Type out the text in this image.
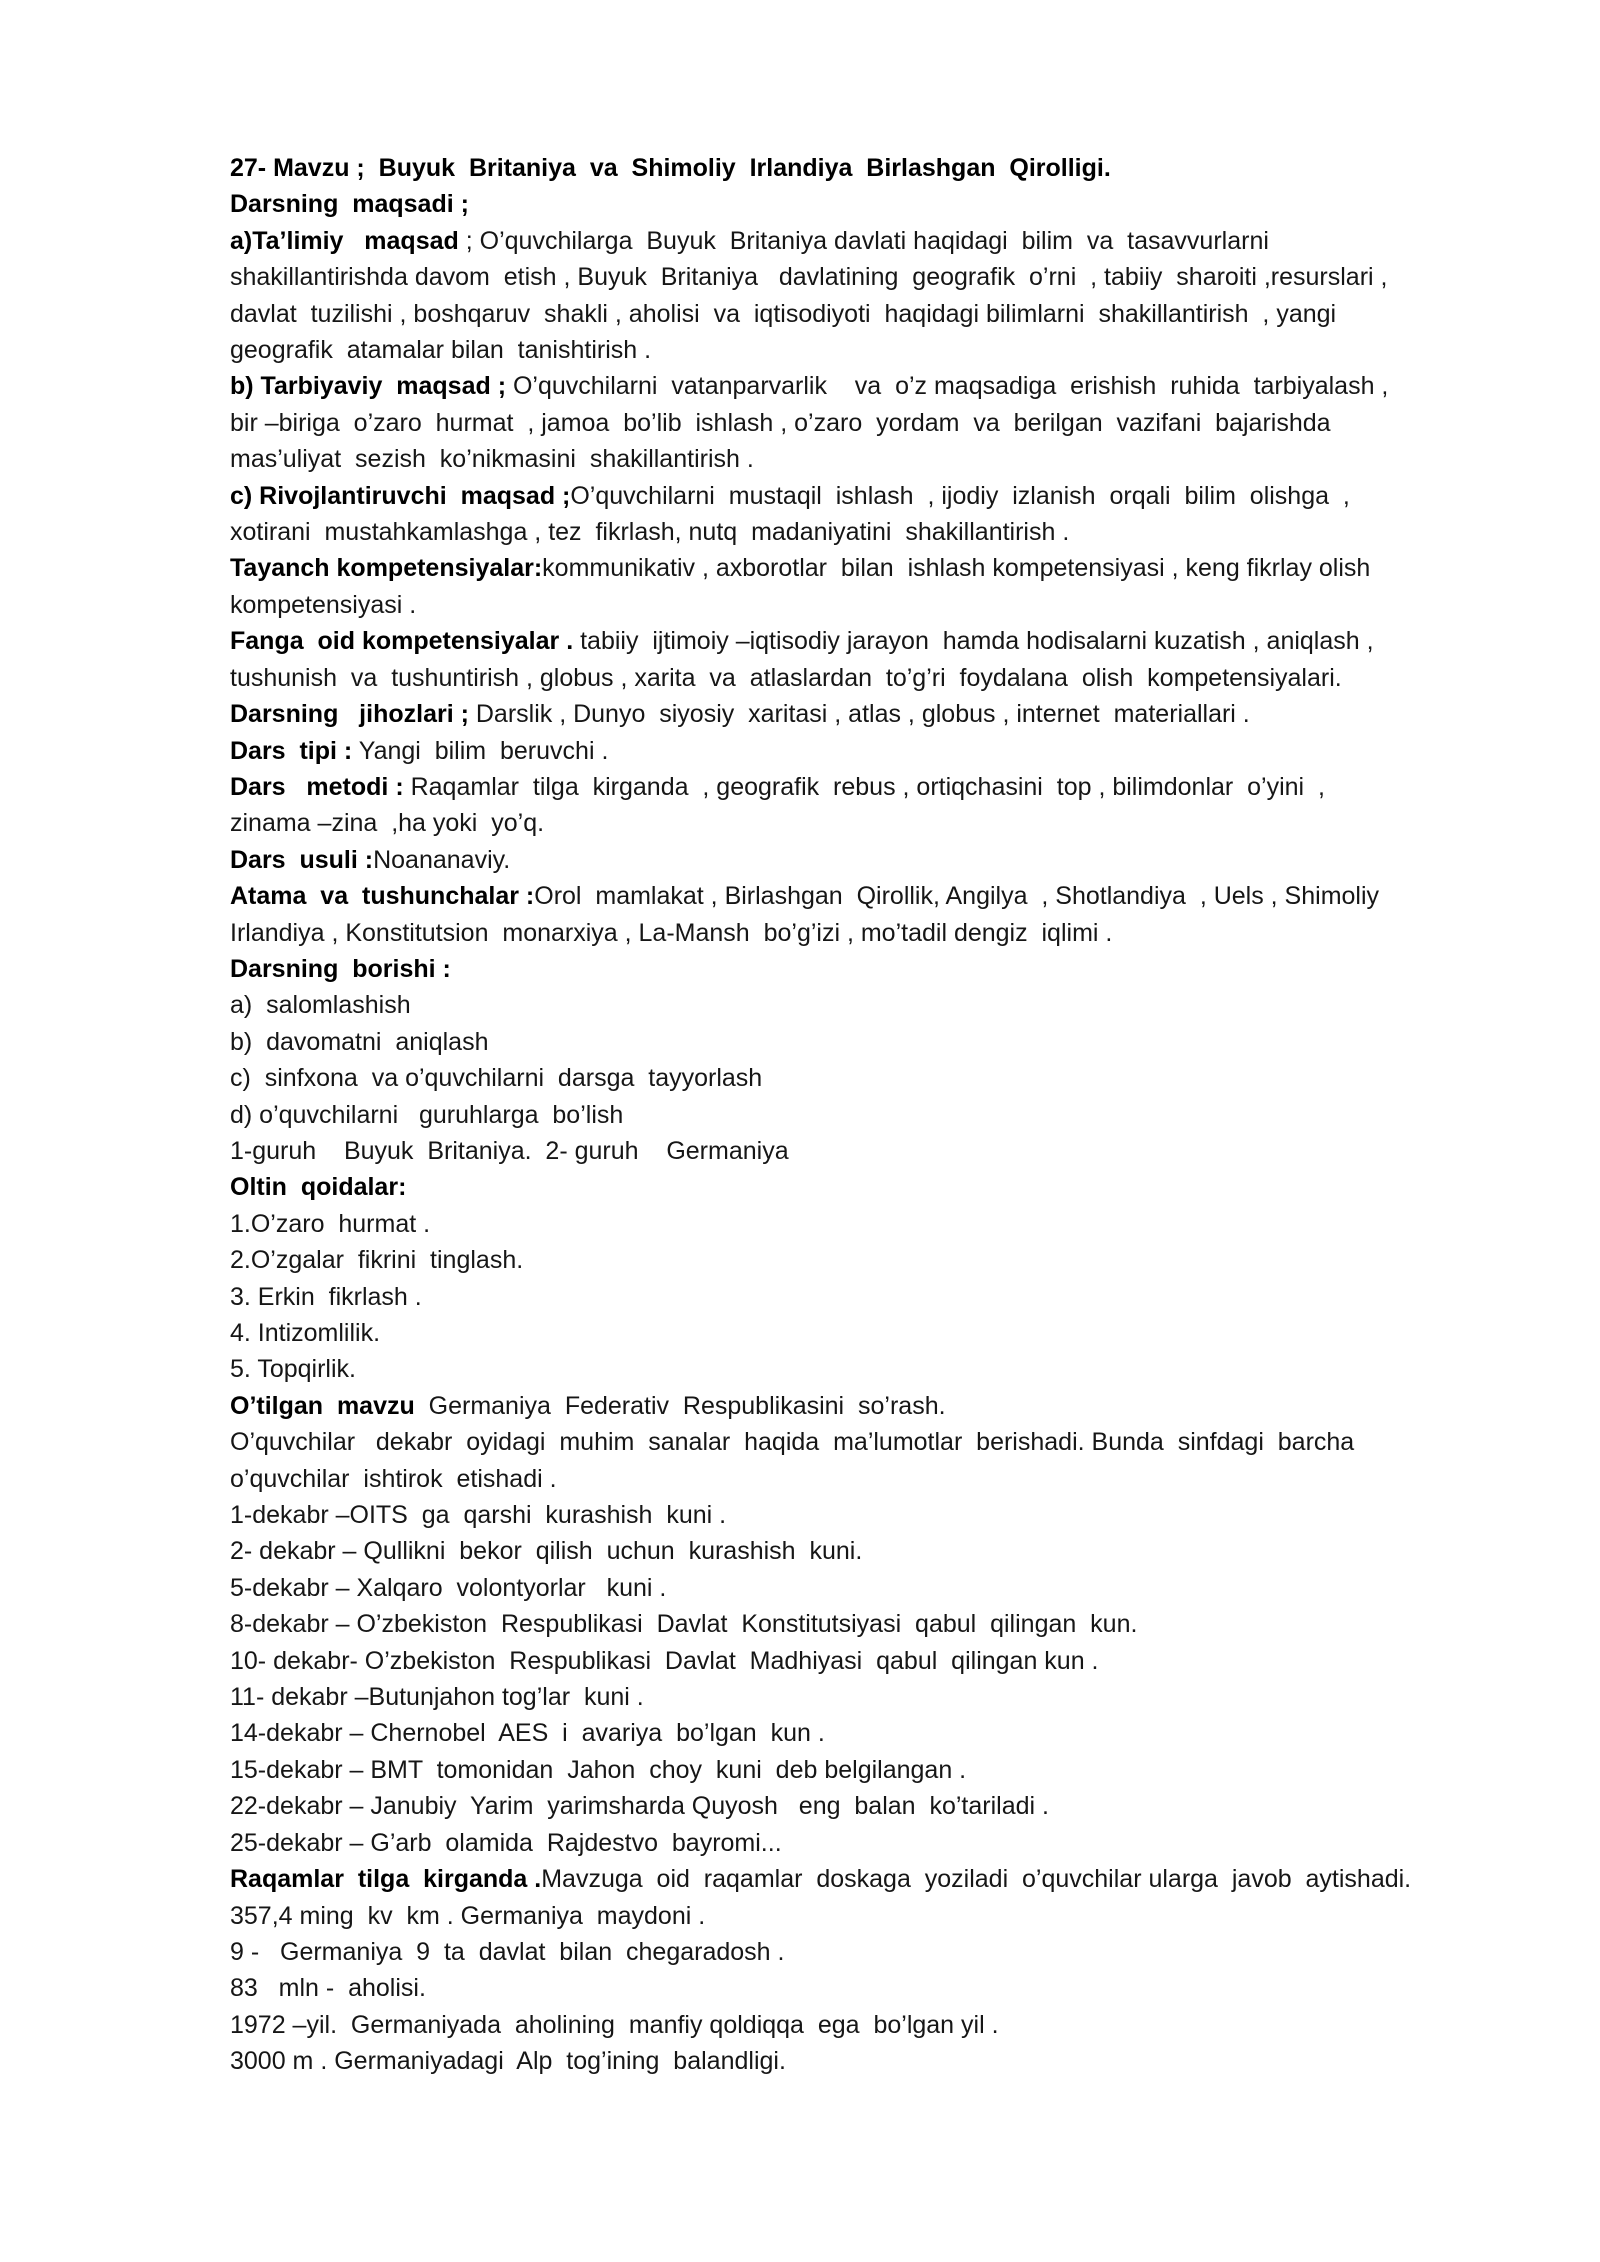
27- Mavzu ;  Buyuk  Britaniya  va  Shimoliy  Irlandiya  Birlashgan  Qirolligi.
Darsning  maqsadi ;
a)Ta’limiy   maqsad ; O’quvchilarga  Buyuk  Britaniya davlati haqidagi  bilim  va  tasavvurlarni
shakillantirishda davom  etish , Buyuk  Britaniya   davlatining  geografik  o’rni  , tabiiy  sharoiti ,resurslari ,
davlat  tuzilishi , boshqaruv  shakli , aholisi  va  iqtisodiyoti  haqidagi bilimlarni  shakillantirish  , yangi
geografik  atamalar bilan  tanishtirish .
b) Tarbiyaviy  maqsad ; O’quvchilarni  vatanparvarlik    va  o’z maqsadiga  erishish  ruhida  tarbiyalash ,
bir –biriga  o’zaro  hurmat  , jamoa  bo’lib  ishlash , o’zaro  yordam  va  berilgan  vazifani  bajarishda
mas’uliyat  sezish  ko’nikmasini  shakillantirish .
c) Rivojlantiruvchi  maqsad ;O’quvchilarni  mustaqil  ishlash  , ijodiy  izlanish  orqali  bilim  olishga  ,
xotirani  mustahkamlashga , tez  fikrlash, nutq  madaniyatini  shakillantirish .
Tayanch kompetensiyalar:kommunikativ , axborotlar  bilan  ishlash kompetensiyasi , keng fikrlay olish
kompetensiyasi .
Fanga  oid kompetensiyalar . tabiiy  ijtimoiy –iqtisodiy jarayon  hamda hodisalarni kuzatish , aniqlash ,
tushunish  va  tushuntirish , globus , xarita  va  atlaslardan  to’g’ri  foydalana  olish  kompetensiyalari.
Darsning   jihozlari ; Darslik , Dunyo  siyosiy  xaritasi , atlas , globus , internet  materiallari .
Dars  tipi : Yangi  bilim  beruvchi .
Dars   metodi : Raqamlar  tilga  kirganda  , geografik  rebus , ortiqchasini  top , bilimdonlar  o’yini  ,
zinama –zina  ,ha yoki  yo’q.
Dars  usuli :Noananaviy.
Atama  va  tushunchalar :Orol  mamlakat , Birlashgan  Qirollik, Angilya  , Shotlandiya  , Uels , Shimoliy
Irlandiya , Konstitutsion  monarxiya , La-Mansh  bo’g’izi , mo’tadil dengiz  iqlimi .
Darsning  borishi :
a)  salomlashish
b)  davomatni  aniqlash
c)  sinfxona  va o’quvchilarni  darsga  tayyorlash
d) o’quvchilarni   guruhlarga  bo’lish
1-guruh    Buyuk  Britaniya.  2- guruh    Germaniya
Oltin  qoidalar:
1.O’zaro  hurmat .
2.O’zgalar  fikrini  tinglash.
3. Erkin  fikrlash .
4. Intizomlilik.
5. Topqirlik.
O’tilgan  mavzu  Germaniya  Federativ  Respublikasini  so’rash.
O’quvchilar   dekabr  oyidagi  muhim  sanalar  haqida  ma’lumotlar  berishadi. Bunda  sinfdagi  barcha
o’quvchilar  ishtirok  etishadi .
1-dekabr –OITS  ga  qarshi  kurashish  kuni .
2- dekabr – Qullikni  bekor  qilish  uchun  kurashish  kuni.
5-dekabr – Xalqaro  volontyorlar   kuni .
8-dekabr – O’zbekiston  Respublikasi  Davlat  Konstitutsiyasi  qabul  qilingan  kun.
10- dekabr- O’zbekiston  Respublikasi  Davlat  Madhiyasi  qabul  qilingan kun .
11- dekabr –Butunjahon tog’lar  kuni .
14-dekabr – Chernobel  AES  i  avariya  bo’lgan  kun .
15-dekabr – BMT  tomonidan  Jahon  choy  kuni  deb belgilangan .
22-dekabr – Janubiy  Yarim  yarimsharda Quyosh   eng  balan  ko’tariladi .
25-dekabr – G’arb  olamida  Rajdestvo  bayromi...
Raqamlar  tilga  kirganda .Mavzuga  oid  raqamlar  doskaga  yoziladi  o’quvchilar ularga  javob  aytishadi.
357,4 ming  kv  km . Germaniya  maydoni .
9 -   Germaniya  9  ta  davlat  bilan  chegaradosh .
83   mln -  aholisi.
1972 –yil.  Germaniyada  aholining  manfiy qoldiqqa  ega  bo’lgan yil .
3000 m . Germaniyadagi  Alp  tog’ining  balandligi.
